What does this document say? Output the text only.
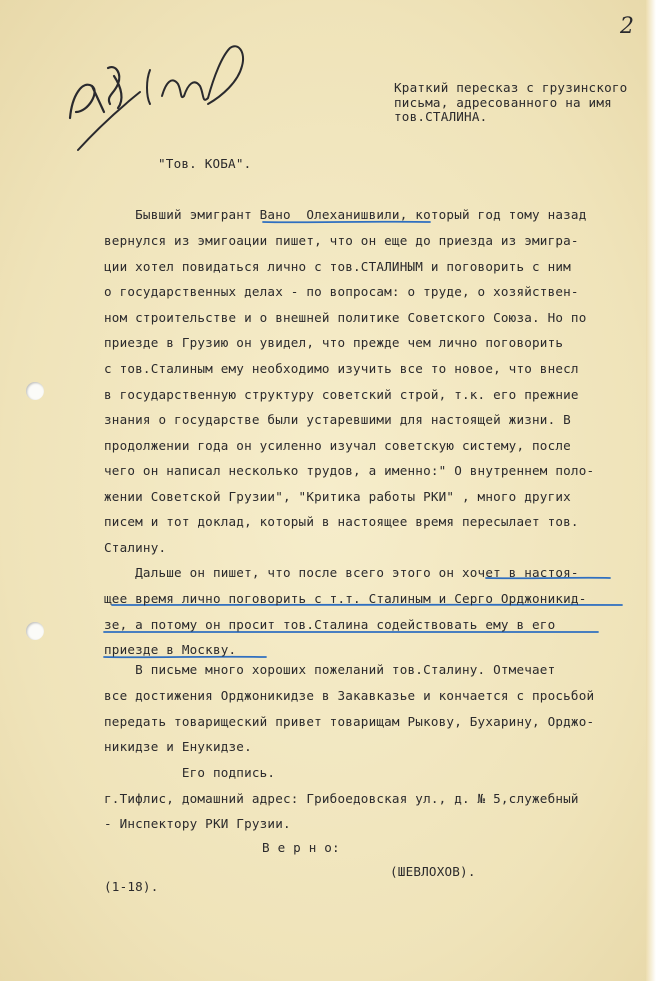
2
Краткий пересказ с грузинского
письма, адресованного на имя
тов.СТАЛИНА.
"Тов. КОБА".
Бывший эмигрант Вано  Олеханишвили, который год тому назад
вернулся из эмигоации пишет, что он еще до приезда из эмигра-
ции хотел повидаться лично с тов.СТАЛИНЫМ и поговорить с ним
о государственных делах - по вопросам: о труде, о хозяйствен-
ном строительстве и о внешней политике Советского Союза. Но по
приезде в Грузию он увидел, что прежде чем лично поговорить
с тов.Сталиным ему необходимо изучить все то новое, что внесл
в государственную структуру советский строй, т.к. его прежние
знания о государстве были устаревшими для настоящей жизни. В
продолжении года он усиленно изучал советскую систему, после
чего он написал несколько трудов, а именно:" О внутреннем поло-
жении Советской Грузии", "Критика работы РКИ" , много других
писем и тот доклад, который в настоящее время пересылает тов.
Сталину.
Дальше он пишет, что после всего этого он хочет в настоя-
щее время лично поговорить с т.т. Сталиным и Серго Орджоникид-
зе, а потому он просит тов.Сталина содействовать ему в его
приезде в Москву.
В письме много хороших пожеланий тов.Сталину. Отмечает
все достижения Орджоникидзе в Закавказье и кончается с просьбой
передать товарищеский привет товарищам Рыкову, Бухарину, Орджо-
никидзе и Енукидзе.
Его подпись.
г.Тифлис, домашний адрес: Грибоедовская ул., д. № 5,служебный
- Инспектору РКИ Грузии.
В е р н о:
(ШЕВЛОХОВ).
(1-18).
